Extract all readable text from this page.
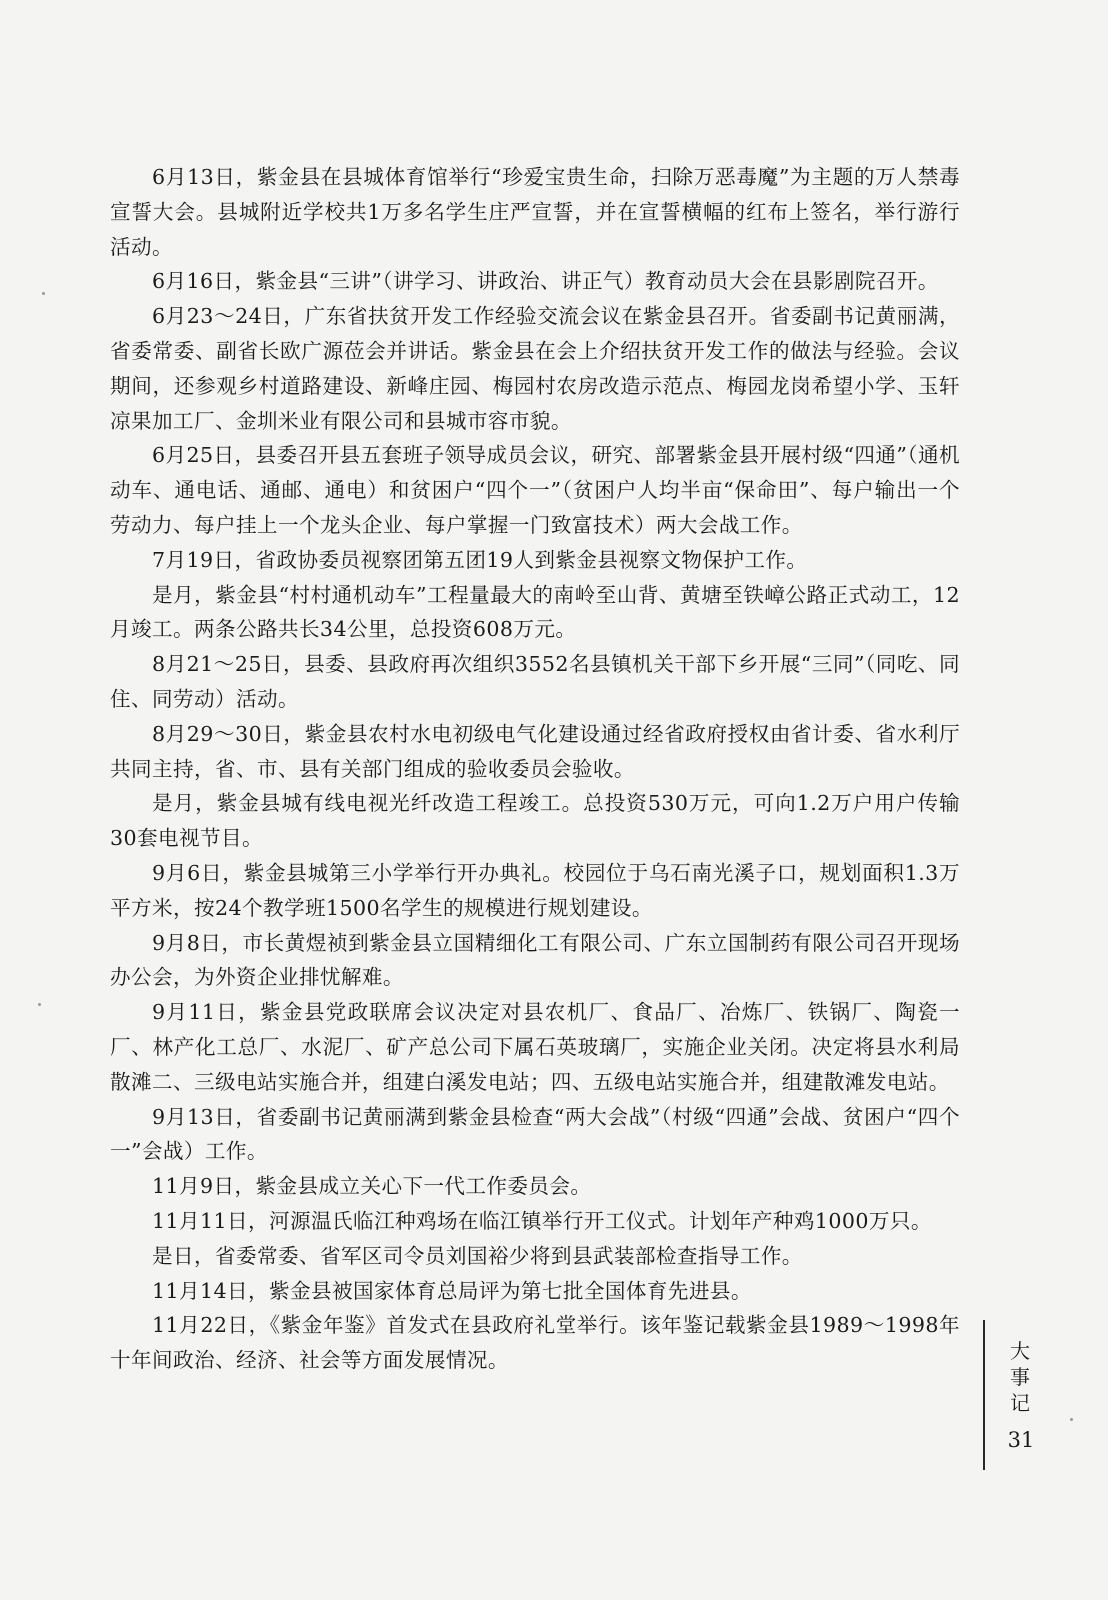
6月13日，紫金县在县城体育馆举行“珍爱宝贵生命，扫除万恶毒魔”为主题的万人禁毒宣誓大会。县城附近学校共1万多名学生庄严宣誓，并在宣誓横幅的红布上签名，举行游行活动。

6月16日，紫金县“三讲”（讲学习、讲政治、讲正气）教育动员大会在县影剧院召开。

6月23～24日，广东省扶贫开发工作经验交流会议在紫金县召开。省委副书记黄丽满，省委常委、副省长欧广源莅会并讲话。紫金县在会上介绍扶贫开发工作的做法与经验。会议期间，还参观乡村道路建设、新峰庄园、梅园村农房改造示范点、梅园龙岗希望小学、玉轩凉果加工厂、金圳米业有限公司和县城市容市貌。

6月25日，县委召开县五套班子领导成员会议，研究、部署紫金县开展村级“四通”（通机动车、通电话、通邮、通电）和贫困户“四个一”（贫困户人均半亩“保命田”、每户输出一个劳动力、每户挂上一个龙头企业、每户掌握一门致富技术）两大会战工作。

7月19日，省政协委员视察团第五团19人到紫金县视察文物保护工作。

是月，紫金县“村村通机动车”工程量最大的南岭至山背、黄塘至铁嶂公路正式动工，12月竣工。两条公路共长34公里，总投资608万元。

8月21～25日，县委、县政府再次组织3552名县镇机关干部下乡开展“三同”（同吃、同住、同劳动）活动。

8月29～30日，紫金县农村水电初级电气化建设通过经省政府授权由省计委、省水利厅共同主持，省、市、县有关部门组成的验收委员会验收。

是月，紫金县城有线电视光纤改造工程竣工。总投资530万元，可向1.2万户用户传输30套电视节目。

9月6日，紫金县城第三小学举行开办典礼。校园位于乌石南光溪子口，规划面积1.3万平方米，按24个教学班1500名学生的规模进行规划建设。

9月8日，市长黄煜祯到紫金县立国精细化工有限公司、广东立国制药有限公司召开现场办公会，为外资企业排忧解难。

9月11日，紫金县党政联席会议决定对县农机厂、食品厂、冶炼厂、铁锅厂、陶瓷一厂、林产化工总厂、水泥厂、矿产总公司下属石英玻璃厂，实施企业关闭。决定将县水利局散滩二、三级电站实施合并，组建白溪发电站；四、五级电站实施合并，组建散滩发电站。

9月13日，省委副书记黄丽满到紫金县检查“两大会战”（村级“四通”会战、贫困户“四个一”会战）工作。

11月9日，紫金县成立关心下一代工作委员会。

11月11日，河源温氏临江种鸡场在临江镇举行开工仪式。计划年产种鸡1000万只。

是日，省委常委、省军区司令员刘国裕少将到县武装部检查指导工作。

11月14日，紫金县被国家体育总局评为第七批全国体育先进县。

11月22日，《紫金年鉴》首发式在县政府礼堂举行。该年鉴记载紫金县1989～1998年十年间政治、经济、社会等方面发展情况。	大事记
31
